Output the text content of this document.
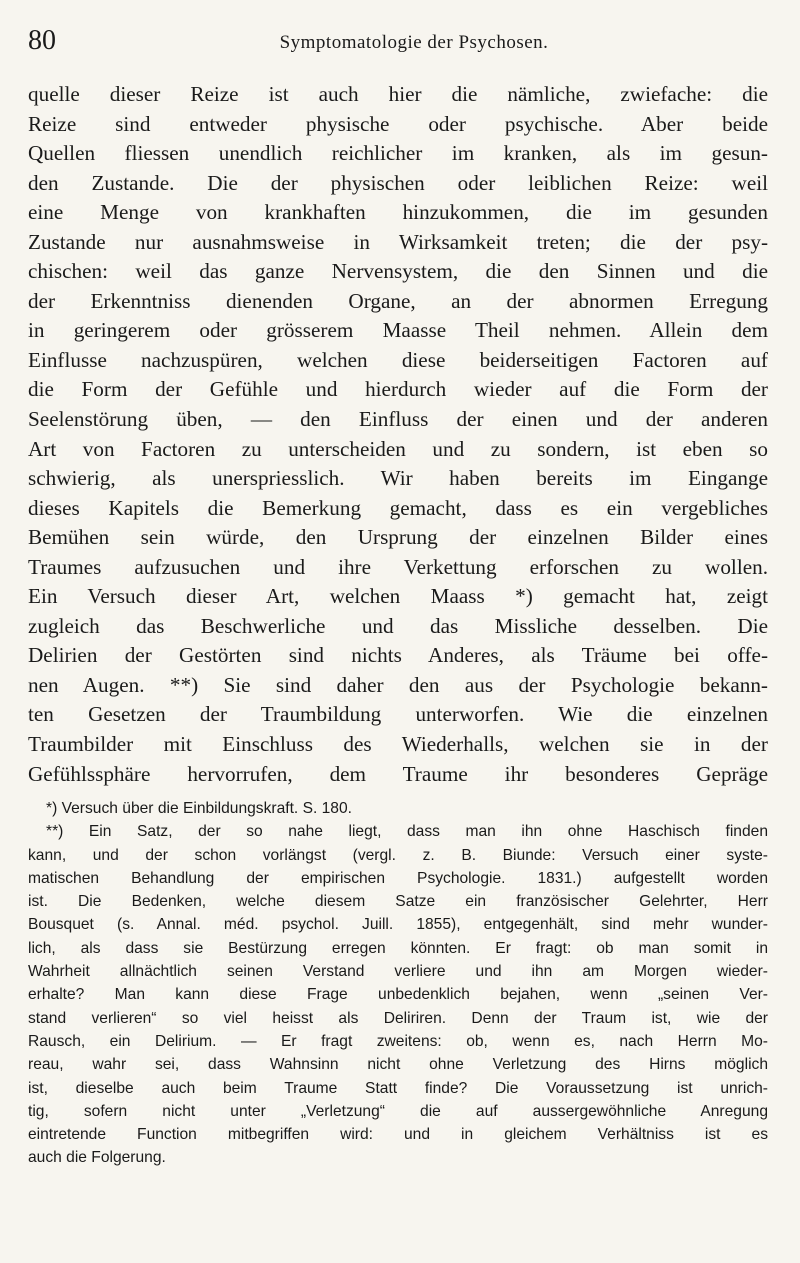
80	Symptomatologie der Psychosen.
quelle dieser Reize ist auch hier die nämliche, zwiefache: die
Reize sind entweder physische oder psychische. Aber beide
Quellen fliessen unendlich reichlicher im kranken, als im gesun-
den Zustande. Die der physischen oder leiblichen Reize: weil
eine Menge von krankhaften hinzukommen, die im gesunden
Zustande nur ausnahmsweise in Wirksamkeit treten; die der psy-
chischen: weil das ganze Nervensystem, die den Sinnen und die
der Erkenntniss dienenden Organe, an der abnormen Erregung
in geringerem oder grösserem Maasse Theil nehmen. Allein dem
Einflusse nachzuspüren, welchen diese beiderseitigen Factoren auf
die Form der Gefühle und hierdurch wieder auf die Form der
Seelenstörung üben, — den Einfluss der einen und der anderen
Art von Factoren zu unterscheiden und zu sondern, ist eben so
schwierig, als unerspriesslich. Wir haben bereits im Eingange
dieses Kapitels die Bemerkung gemacht, dass es ein vergebliches
Bemühen sein würde, den Ursprung der einzelnen Bilder eines
Traumes aufzusuchen und ihre Verkettung erforschen zu wollen.
Ein Versuch dieser Art, welchen Maass *) gemacht hat, zeigt
zugleich das Beschwerliche und das Missliche desselben. Die
Delirien der Gestörten sind nichts Anderes, als Träume bei offe-
nen Augen. **) Sie sind daher den aus der Psychologie bekann-
ten Gesetzen der Traumbildung unterworfen. Wie die einzelnen
Traumbilder mit Einschluss des Wiederhalls, welchen sie in der
Gefühlssphäre hervorrufen, dem Traume ihr besonderes Gepräge
*) Versuch über die Einbildungskraft. S. 180.
**) Ein Satz, der so nahe liegt, dass man ihn ohne Haschisch finden
kann, und der schon vorlängst (vergl. z. B. Biunde: Versuch einer syste-
matischen Behandlung der empirischen Psychologie. 1831.) aufgestellt worden
ist. Die Bedenken, welche diesem Satze ein französischer Gelehrter, Herr
Bousquet (s. Annal. méd. psychol. Juill. 1855), entgegenhält, sind mehr wunder-
lich, als dass sie Bestürzung erregen könnten. Er fragt: ob man somit in
Wahrheit allnächtlich seinen Verstand verliere und ihn am Morgen wieder-
erhalte? Man kann diese Frage unbedenklich bejahen, wenn „seinen Ver-
stand verlieren“ so viel heisst als Deliriren. Denn der Traum ist, wie der
Rausch, ein Delirium. — Er fragt zweitens: ob, wenn es, nach Herrn Mo-
reau, wahr sei, dass Wahnsinn nicht ohne Verletzung des Hirns möglich
ist, dieselbe auch beim Traume Statt finde? Die Voraussetzung ist unrich-
tig, sofern nicht unter „Verletzung“ die auf aussergewöhnliche Anregung
eintretende Function mitbegriffen wird: und in gleichem Verhältniss ist es
auch die Folgerung.
